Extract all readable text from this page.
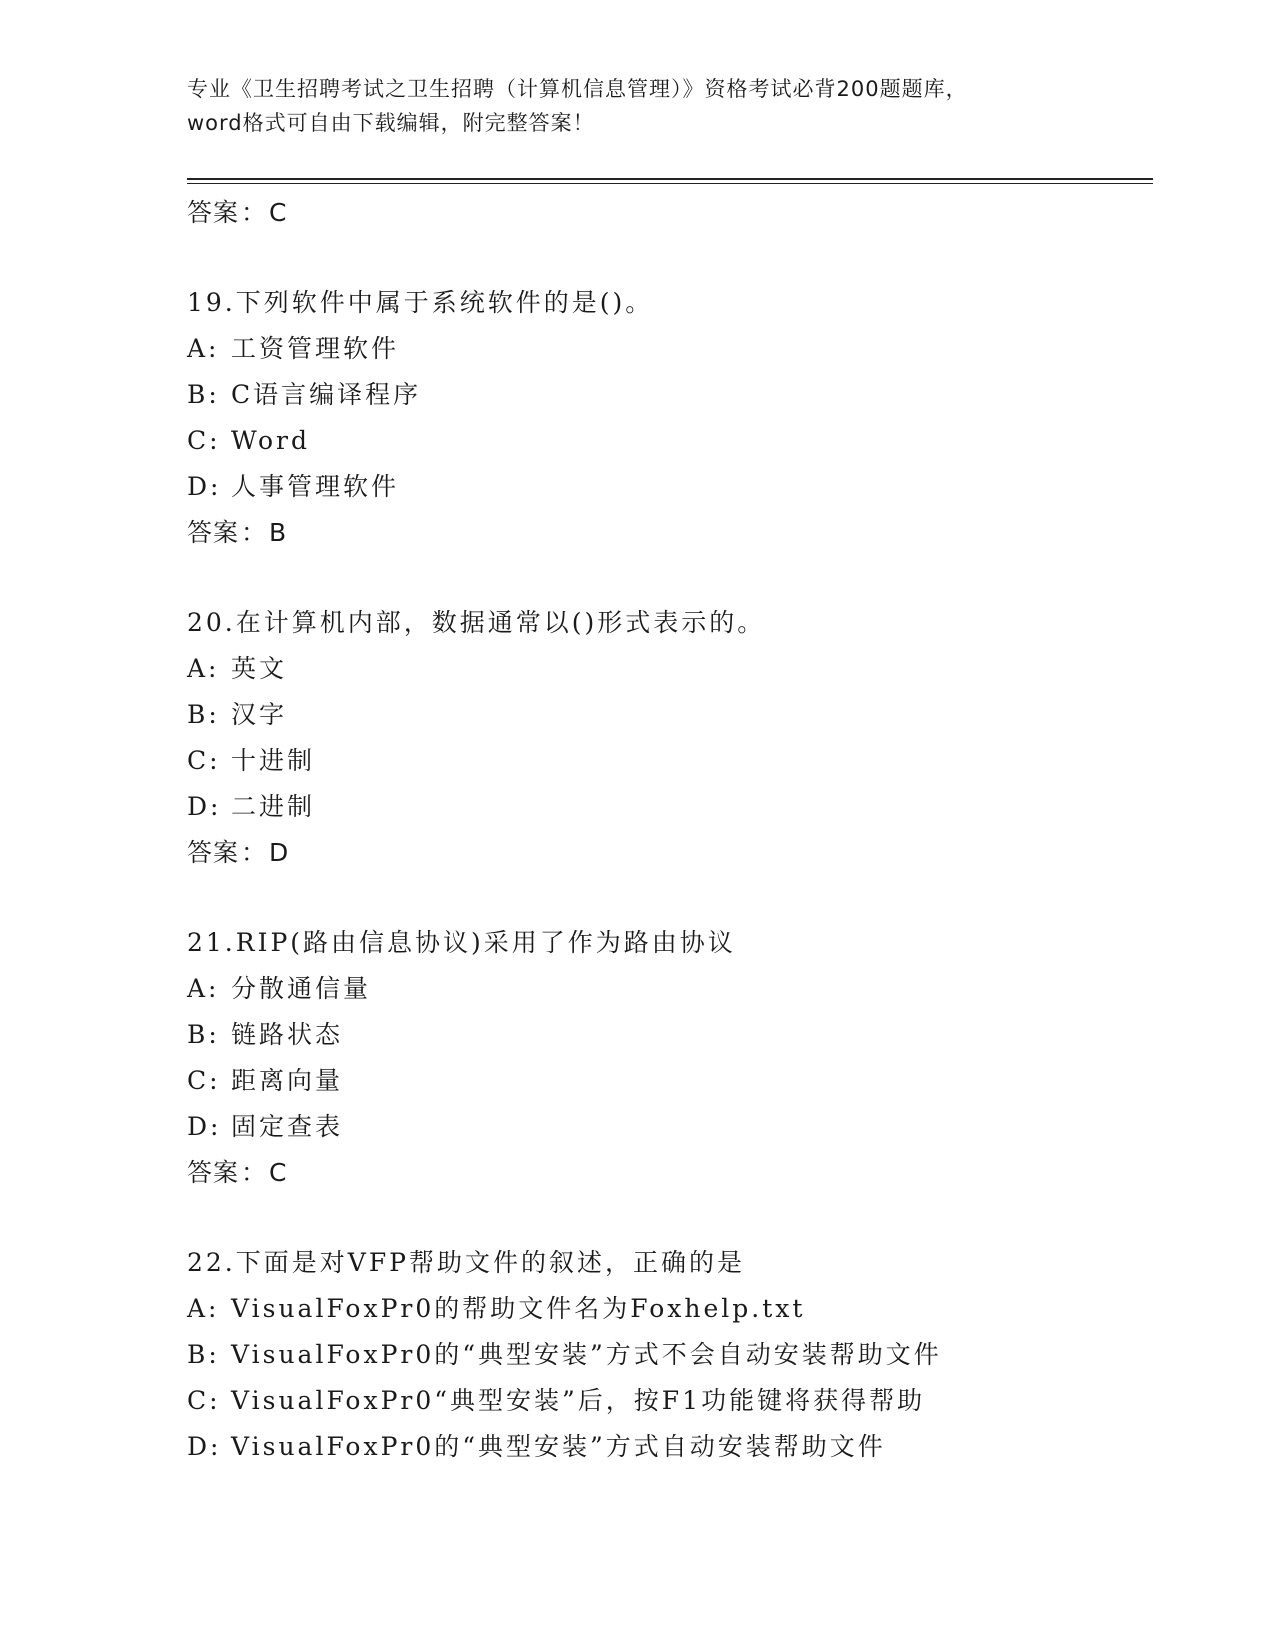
专业《卫生招聘考试之卫生招聘（计算机信息管理）》资格考试必背200题题库，
word格式可自由下载编辑，附完整答案！
答案：C
19.下列软件中属于系统软件的是()。
A: 工资管理软件
B: C语言编译程序
C: Word
D: 人事管理软件
答案：B
20.在计算机内部，数据通常以()形式表示的。
A: 英文
B: 汉字
C: 十进制
D: 二进制
答案：D
21.RIP(路由信息协议)采用了作为路由协议
A: 分散通信量
B: 链路状态
C: 距离向量
D: 固定查表
答案：C
22.下面是对VFP帮助文件的叙述，正确的是
A: VisualFoxPr0的帮助文件名为Foxhelp.txt
B: VisualFoxPr0的“典型安装”方式不会自动安装帮助文件
C: VisualFoxPr0“典型安装”后，按F1功能键将获得帮助
D: VisualFoxPr0的“典型安装”方式自动安装帮助文件
